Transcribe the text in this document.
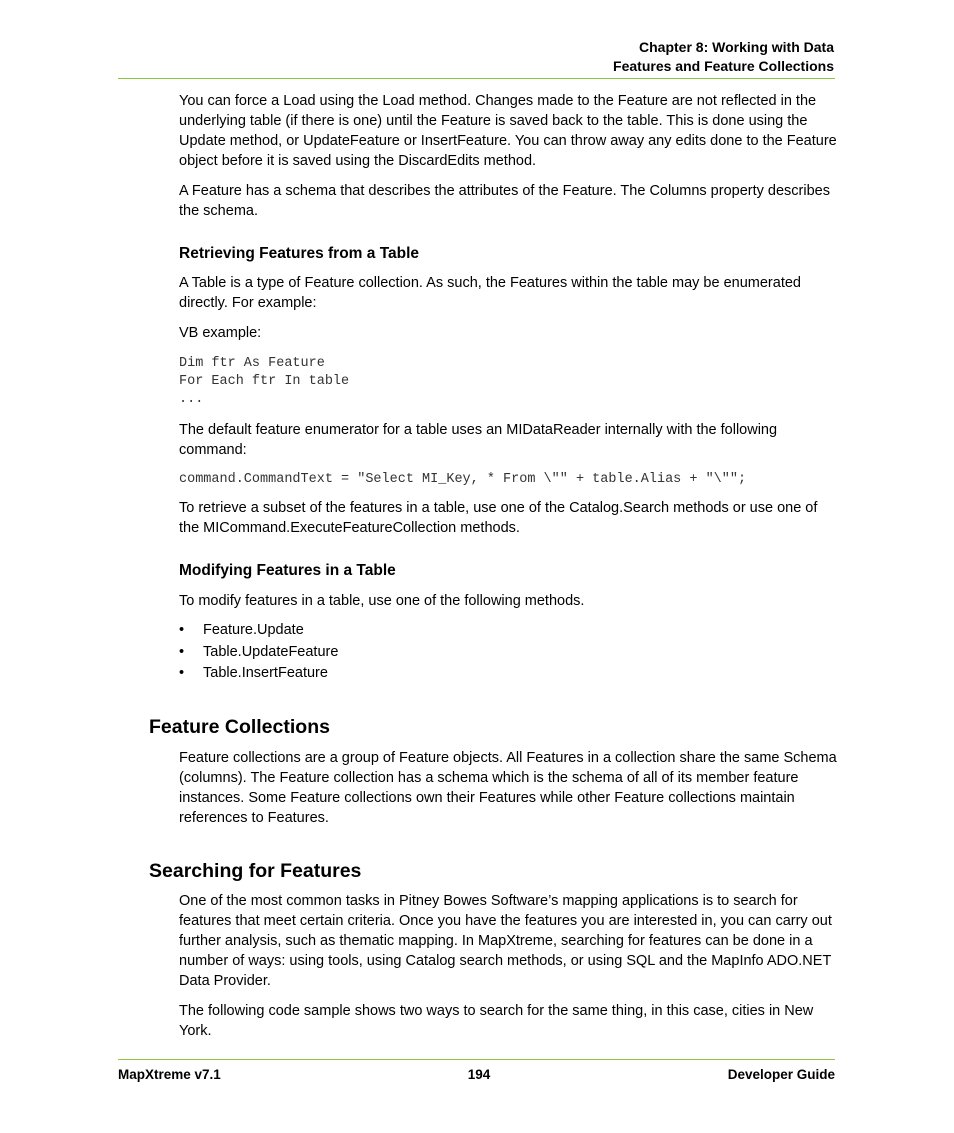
Chapter 8: Working with Data
Features and Feature Collections

You can force a Load using the Load method. Changes made to the Feature are not reflected in the underlying table (if there is one) until the Feature is saved back to the table. This is done using the Update method, or UpdateFeature or InsertFeature. You can throw away any edits done to the Feature object before it is saved using the DiscardEdits method.

A Feature has a schema that describes the attributes of the Feature. The Columns property describes the schema.

Retrieving Features from a Table

A Table is a type of Feature collection. As such, the Features within the table may be enumerated directly. For example:

VB example:

Dim ftr As Feature
For Each ftr In table
...

The default feature enumerator for a table uses an MIDataReader internally with the following command:

command.CommandText = "Select MI_Key, * From \"" + table.Alias + "\"";

To retrieve a subset of the features in a table, use one of the Catalog.Search methods or use one of the MICommand.ExecuteFeatureCollection methods.

Modifying Features in a Table

To modify features in a table, use one of the following methods.

• Feature.Update
• Table.UpdateFeature
• Table.InsertFeature
Feature Collections

Feature collections are a group of Feature objects. All Features in a collection share the same Schema (columns). The Feature collection has a schema which is the schema of all of its member feature instances. Some Feature collections own their Features while other Feature collections maintain references to Features.

Searching for Features

One of the most common tasks in Pitney Bowes Software’s mapping applications is to search for features that meet certain criteria. Once you have the features you are interested in, you can carry out further analysis, such as thematic mapping. In MapXtreme, searching for features can be done in a number of ways: using tools, using Catalog search methods, or using SQL and the MapInfo ADO.NET Data Provider.

The following code sample shows two ways to search for the same thing, in this case, cities in New York.

MapXtreme v7.1	194	Developer Guide
